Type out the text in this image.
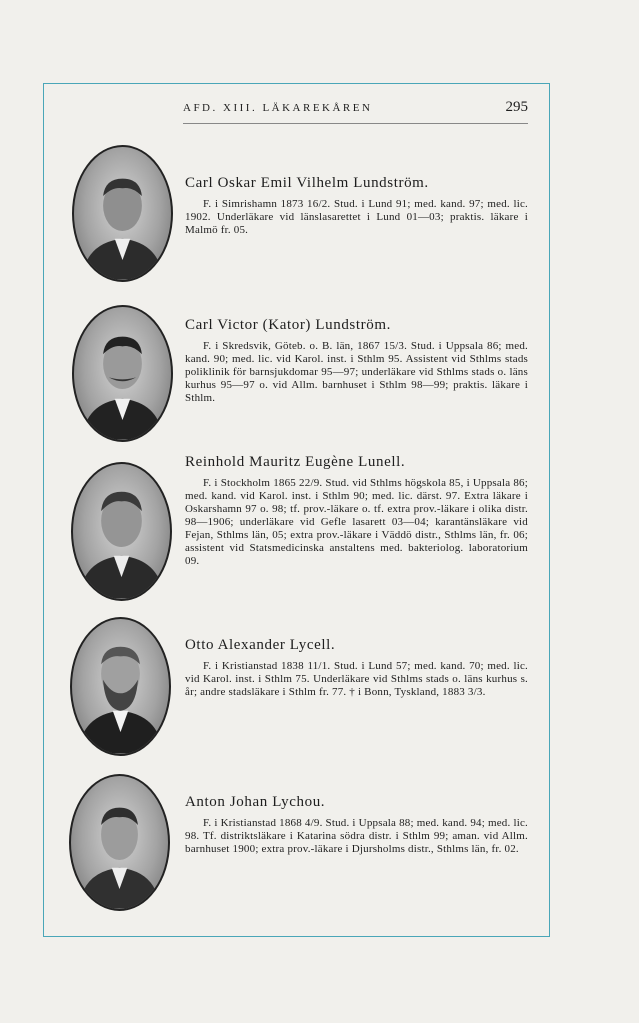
AFD. XIII. LÄKAREKÅREN	295
Carl Oskar Emil Vilhelm Lundström.

F. i Simrishamn 1873 16/2. Stud. i Lund 91; med. kand. 97; med. lic. 1902. Underläkare vid länslasarettet i Lund 01—03; praktis. läkare i Malmö fr. 05.

Carl Victor (Kator) Lundström.

F. i Skredsvik, Göteb. o. B. län, 1867 15/3. Stud. i Uppsala 86; med. kand. 90; med. lic. vid Karol. inst. i Sthlm 95. Assistent vid Sthlms stads poliklinik för barnsjukdomar 95—97; underläkare vid Sthlms stads o. läns kurhus 95—97 o. vid Allm. barnhuset i Sthlm 98—99; praktis. läkare i Sthlm.

Reinhold Mauritz Eugène Lunell.

F. i Stockholm 1865 22/9. Stud. vid Sthlms högskola 85, i Uppsala 86; med. kand. vid Karol. inst. i Sthlm 90; med. lic. därst. 97. Extra läkare i Oskarshamn 97 o. 98; tf. prov.-läkare o. tf. extra prov.-läkare i olika distr. 98—1906; underläkare vid Gefle lasarett 03—04; karantänsläkare vid Fejan, Sthlms län, 05; extra prov.-läkare i Väddö distr., Sthlms län, fr. 06; assistent vid Statsmedicinska anstaltens med. bakteriolog. laboratorium 09.

Otto Alexander Lycell.

F. i Kristianstad 1838 11/1. Stud. i Lund 57; med. kand. 70; med. lic. vid Karol. inst. i Sthlm 75. Underläkare vid Sthlms stads o. läns kurhus s. år; andre stadsläkare i Sthlm fr. 77. † i Bonn, Tyskland, 1883 3/3.

Anton Johan Lychou.

F. i Kristianstad 1868 4/9. Stud. i Uppsala 88; med. kand. 94; med. lic. 98. Tf. distriktsläkare i Katarina södra distr. i Sthlm 99; aman. vid Allm. barnhuset 1900; extra prov.-läkare i Djursholms distr., Sthlms län, fr. 02.
